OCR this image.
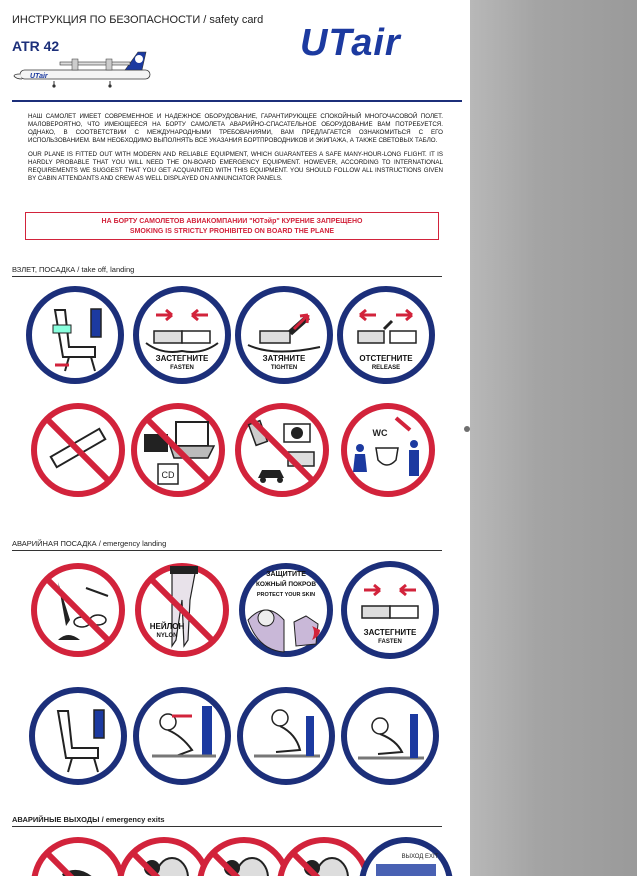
ИНСТРУКЦИЯ ПО БЕЗОПАСНОСТИ / safety card
ATR 42
UTair
UTair

НАШ САМОЛЕТ ИМЕЕТ СОВРЕМЕННОЕ И НАДЕЖНОЕ ОБОРУДОВАНИЕ, ГАРАНТИРУЮЩЕЕ СПОКОЙНЫЙ МНОГОЧАСОВОЙ ПОЛЕТ. МАЛОВЕРОЯТНО, ЧТО ИМЕЮЩЕЕСЯ НА БОРТУ САМОЛЕТА АВАРИЙНО-СПАСАТЕЛЬНОЕ ОБОРУДОВАНИЕ ВАМ ПОТРЕБУЕТСЯ. ОДНАКО, В СООТВЕТСТВИИ С МЕЖДУНАРОДНЫМИ ТРЕБОВАНИЯМИ, ВАМ ПРЕДЛАГАЕТСЯ ОЗНАКОМИТЬСЯ С ЕГО ИСПОЛЬЗОВАНИЕМ. ВАМ НЕОБХОДИМО ВЫПОЛНЯТЬ ВСЕ УКАЗАНИЯ БОРТПРОВОДНИКОВ И ЭКИПАЖА, А ТАКЖЕ СВЕТОВЫХ ТАБЛО.

OUR PLANE IS FITTED OUT WITH MODERN AND RELIABLE EQUIPMENT, WHICH GUARANTEES A SAFE MANY-HOUR-LONG FLIGHT. IT IS HARDLY PROBABLE THAT YOU WILL NEED THE ON-BOARD EMERGENCY EQUIPMENT. HOWEVER, ACCORDING TO INTERNATIONAL REQUIREMENTS WE SUGGEST THAT YOU GET ACQUAINTED WITH THIS EQUIPMENT. YOU SHOULD FOLLOW ALL INSTRUCTIONS GIVEN BY CABIN ATTENDANTS AND CREW AS WELL DISPLAYED ON ANNUNCIATOR PANELS.

НА БОРТУ САМОЛЕТОВ АВИАКОМПАНИИ "ЮТэйр" КУРЕНИЕ ЗАПРЕЩЕНО
SMOKING IS STRICTLY PROHIBITED ON BOARD THE PLANE
ВЗЛЕТ, ПОСАДКА / take off, landing
ЗАСТЕГНИТЕ
FASTEN
ЗАТЯНИТЕ
TIGHTEN
ОТСТЕГНИТЕ
RELEASE
CD
WC
АВАРИЙНАЯ ПОСАДКА / emergency landing
НЕЙЛОН
NYLON
ЗАЩИТИТЕ
КОЖНЫЙ ПОКРОВ
PROTECT YOUR SKIN
ЗАСТЕГНИТЕ
FASTEN
АВАРИЙНЫЕ ВЫХОДЫ / emergency exits
ВЫХОД EXIT
